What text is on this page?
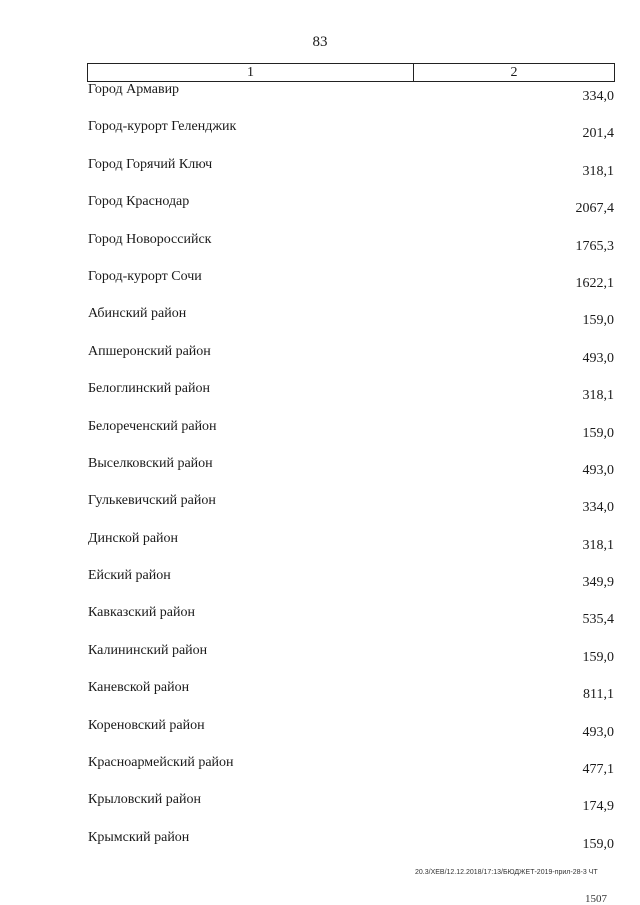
83
1	2
Город Армавир	334,0
Город-курорт Геленджик	201,4
Город Горячий Ключ	318,1
Город Краснодар	2067,4
Город Новороссийск	1765,3
Город-курорт Сочи	1622,1
Абинский район	159,0
Апшеронский район	493,0
Белоглинский район	318,1
Белореченский район	159,0
Выселковский район	493,0
Гулькевичский район	334,0
Динской район	318,1
Ейский район	349,9
Кавказский район	535,4
Калининский район	159,0
Каневской район	811,1
Кореновский район	493,0
Красноармейский район	477,1
Крыловский район	174,9
Крымский район	159,0
20.3/ХЕВ/12.12.2018/17:13/БЮДЖЕТ-2019-прил-28-3 ЧТ
1507
